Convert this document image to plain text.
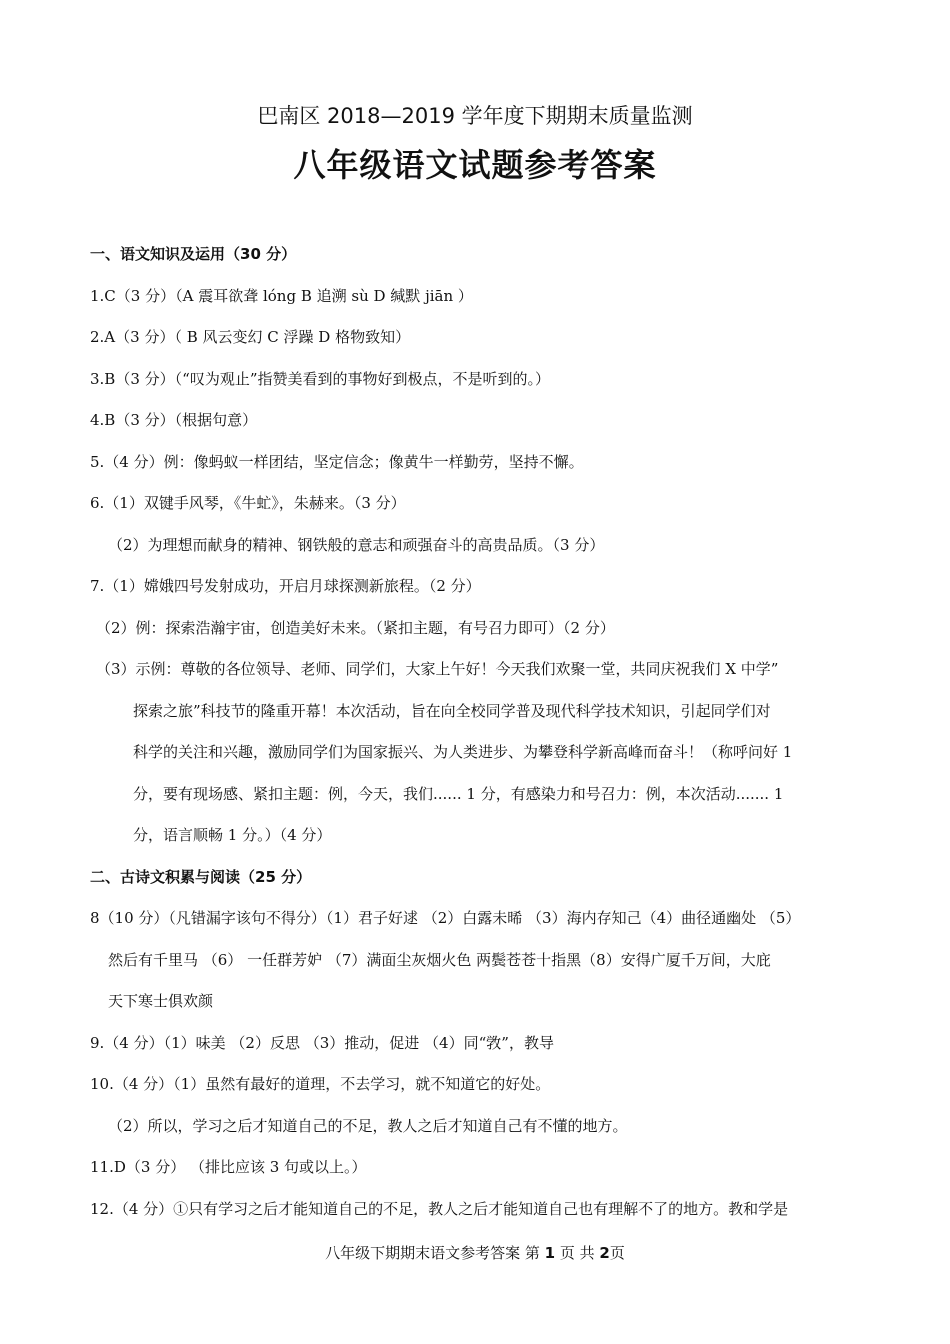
巴南区 2018—2019 学年度下期期末质量监测
八年级语文试题参考答案
一、语文知识及运用（30 分）
1.C（3 分）（A 震耳欲聋 lóng B 追溯 sù D 缄默 jiān ）
2.A（3 分）（ B 风云变幻 C 浮躁 D 格物致知）
3.B（3 分）（“叹为观止”指赞美看到的事物好到极点，不是听到的。）
4.B（3 分）（根据句意）
5.（4 分）例：像蚂蚁一样团结，坚定信念；像黄牛一样勤劳，坚持不懈。
6.（1）双键手风琴，《牛虻》，朱赫来。（3 分）
（2）为理想而献身的精神、钢铁般的意志和顽强奋斗的高贵品质。（3 分）
7.（1）嫦娥四号发射成功，开启月球探测新旅程。（2 分）
（2）例：探索浩瀚宇宙，创造美好未来。（紧扣主题，有号召力即可）（2 分）
（3）示例：尊敬的各位领导、老师、同学们，大家上午好！今天我们欢聚一堂，共同庆祝我们 X 中学”
探索之旅”科技节的隆重开幕！本次活动，旨在向全校同学普及现代科学技术知识，引起同学们对
科学的关注和兴趣，激励同学们为国家振兴、为人类进步、为攀登科学新高峰而奋斗！（称呼问好 1
分，要有现场感、紧扣主题：例，今天，我们...... 1 分，有感染力和号召力：例，本次活动....... 1
分，语言顺畅 1 分。）（4 分）
二、古诗文积累与阅读（25 分）
8（10 分）（凡错漏字该句不得分）（1）君子好逑 （2）白露未晞 （3）海内存知己（4）曲径通幽处 （5）
然后有千里马 （6） 一任群芳妒 （7）满面尘灰烟火色 两鬓苍苍十指黑（8）安得广厦千万间，大庇
天下寒士俱欢颜
9.（4 分）（1）味美 （2）反思 （3）推动，促进 （4）同“敩”，教导
10.（4 分）（1）虽然有最好的道理，不去学习，就不知道它的好处。
（2）所以，学习之后才知道自己的不足，教人之后才知道自己有不懂的地方。
11.D（3 分） （排比应该 3 句或以上。）
12.（4 分）①只有学习之后才能知道自己的不足，教人之后才能知道自己也有理解不了的地方。教和学是
八年级下期期末语文参考答案 第 1 页 共 2页
